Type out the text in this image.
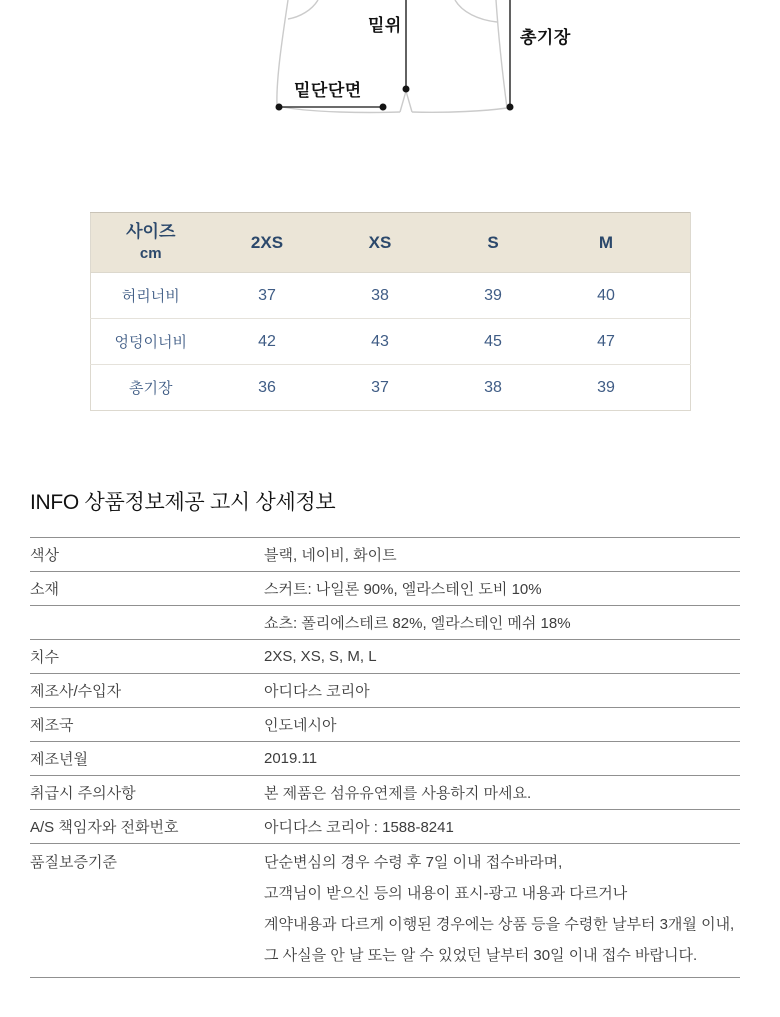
밑위
밑단단면
총기장
사이즈
cm	2XS	XS	S	M	
허리너비	37	38	39	40	
엉덩이너비	42	43	45	47	
총기장	36	37	38	39	
INFO 상품정보제공 고시 상세정보
색상	블랙, 네이비, 화이트
소재	스커트: 나일론 90%, 엘라스테인 도비 10%
쇼츠: 폴리에스테르 82%, 엘라스테인 메쉬 18%
치수	2XS, XS, S, M, L
제조사/수입자	아디다스 코리아
제조국	인도네시아
제조년월	2019.11
취급시 주의사항	본 제품은 섬유유연제를 사용하지 마세요.
A/S 책임자와 전화번호	아디다스 코리아 : 1588-8241
품질보증기준	단순변심의 경우 수령 후 7일 이내 접수바라며,
고객님이 받으신 등의 내용이 표시-광고 내용과 다르거나
계약내용과 다르게 이행된 경우에는 상품 등을 수령한 날부터 3개월 이내,
그 사실을 안 날 또는 알 수 있었던 날부터 30일 이내 접수 바랍니다.
